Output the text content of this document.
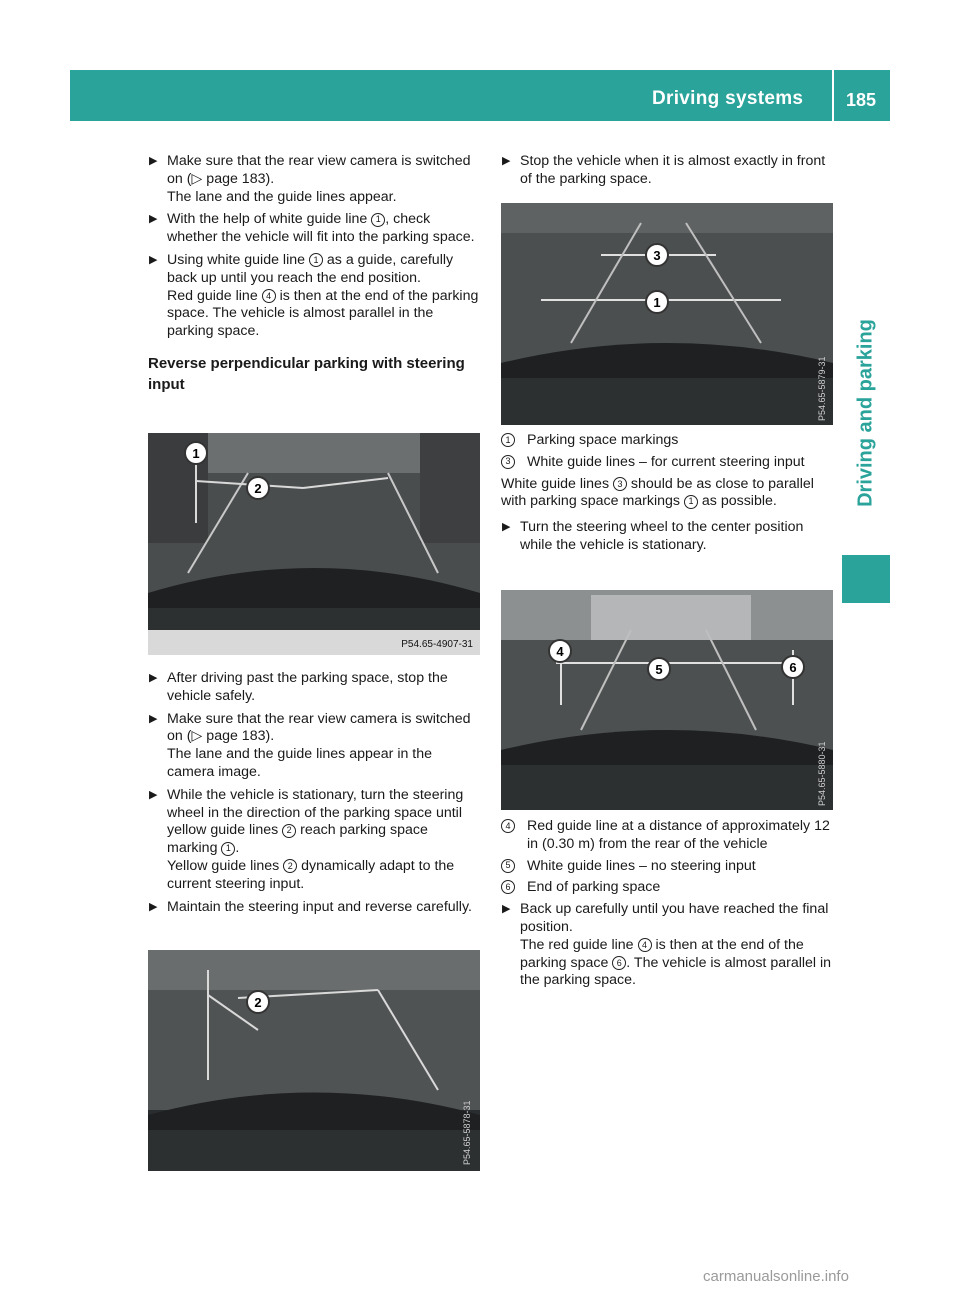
Driving systems 185
Driving and parking
▶ Make sure that the rear view camera is switched on (▷ page 183).
The lane and the guide lines appear.
▶ With the help of white guide line 1 , check whether the vehicle will fit into the parking space.
▶ Using white guide line 1 as a guide, carefully back up until you reach the end position.
Red guide line 4 is then at the end of the parking space. The vehicle is almost parallel in the parking space.
Reverse perpendicular parking with steering input
1
2
P54.65-4907-31
▶ After driving past the parking space, stop the vehicle safely.
▶ Make sure that the rear view camera is switched on (▷ page 183).
The lane and the guide lines appear in the camera image.
▶ While the vehicle is stationary, turn the steering wheel in the direction of the parking space until yellow guide lines 2 reach parking space marking 1 .
Yellow guide lines 2 dynamically adapt to the current steering input.
▶ Maintain the steering input and reverse carefully.
2
P54.65-5878-31
▶ Stop the vehicle when it is almost exactly in front of the parking space.
3
1
P54.65-5879-31
1	Parking space markings
3	White guide lines – for current steering input
White guide lines 3 should be as close to parallel with parking space markings 1 as possible.
▶ Turn the steering wheel to the center position while the vehicle is stationary.
4
5	6
P54.65-5880-31
4	Red guide line at a distance of approximately 12 in (0.30 m) from the rear of the vehicle
5	White guide lines – no steering input
6	End of parking space
▶ Back up carefully until you have reached the final position.
The red guide line 4 is then at the end of the parking space 6 . The vehicle is almost parallel in the parking space.
carmanualsonline.info
